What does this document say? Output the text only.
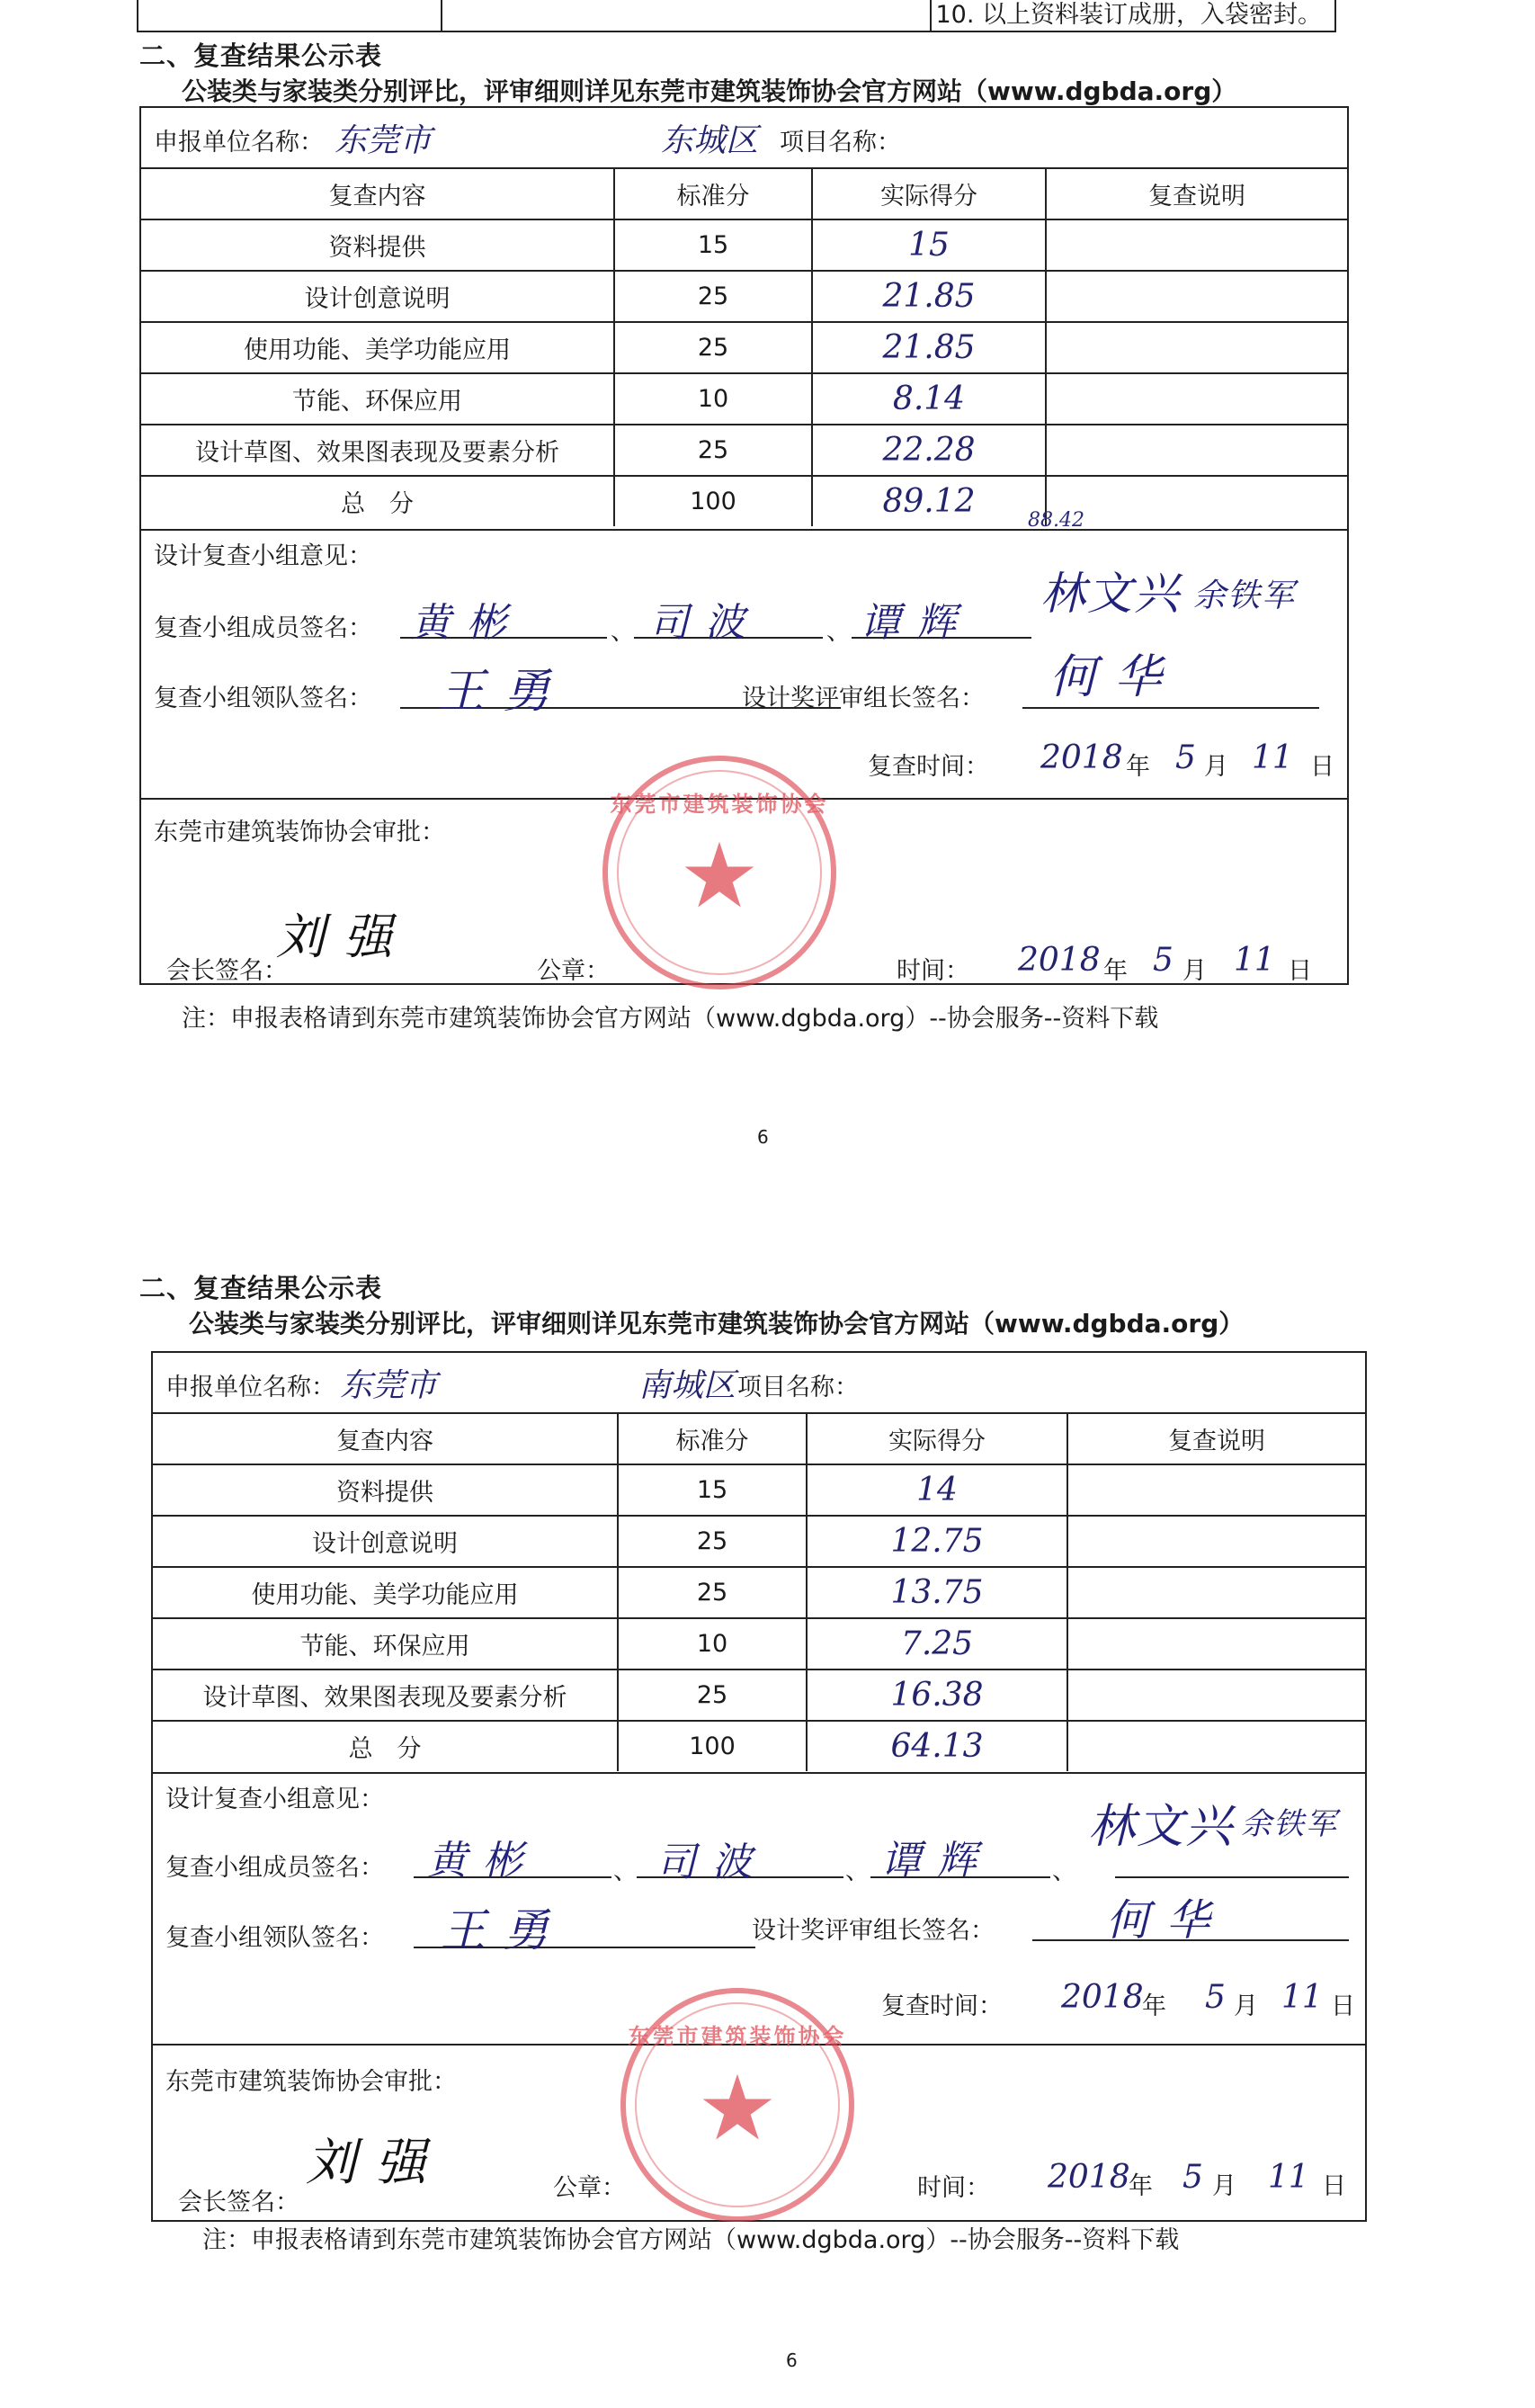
10. 以上资料装订成册，入袋密封。
二、复查结果公示表
公装类与家装类分别评比，评审细则详见东莞市建筑装饰协会官方网站（www.dgbda.org）
申报单位名称： 东莞市	东城区 项目名称：
复查内容	标准分	实际得分	复查说明
资料提供	15	15	
设计创意说明	25	21.85	
使用功能、美学功能应用	25	21.85	
节能、环保应用	10	8.14	
设计草图、效果图表现及要素分析	25	22.28	
总　分	100	89.12
88.42	

设计复查小组意见：
复查小组成员签名：	、	、
黄 彬	司 波	谭 辉
林文兴 余铁军
复查小组领队签名： 王 勇	设计奖评审组长签名： 何 华
复查时间： 2018 年 5 月 11 日
东莞市建筑装饰协会审批：
会长签名：
刘 强
公章：	时间： 2018 年 5 月 11 日
东莞市建筑装饰协会
★
注：申报表格请到东莞市建筑装饰协会官方网站（www.dgbda.org）--协会服务--资料下载
6
二、复查结果公示表
公装类与家装类分别评比，评审细则详见东莞市建筑装饰协会官方网站（www.dgbda.org）
申报单位名称： 东莞市	南城区 项目名称：
复查内容	标准分	实际得分	复查说明
资料提供	15	14	
设计创意说明	25	12.75	
使用功能、美学功能应用	25	13.75	
节能、环保应用	10	7.25	
设计草图、效果图表现及要素分析	25	16.38	
总　分	100	64.13	
设计复查小组意见：
复查小组成员签名：	、	、	、
黄 彬	司 波	谭 辉
林文兴 余铁军
复查小组领队签名： 王 勇	设计奖评审组长签名：	何 华
复查时间： 2018
年 5 月 11 日
东莞市建筑装饰协会审批：
会长签名：
刘 强	公章：	时间： 2018
年 5 月 11 日
东莞市建筑装饰协会
★
注：申报表格请到东莞市建筑装饰协会官方网站（www.dgbda.org）--协会服务--资料下载
6
